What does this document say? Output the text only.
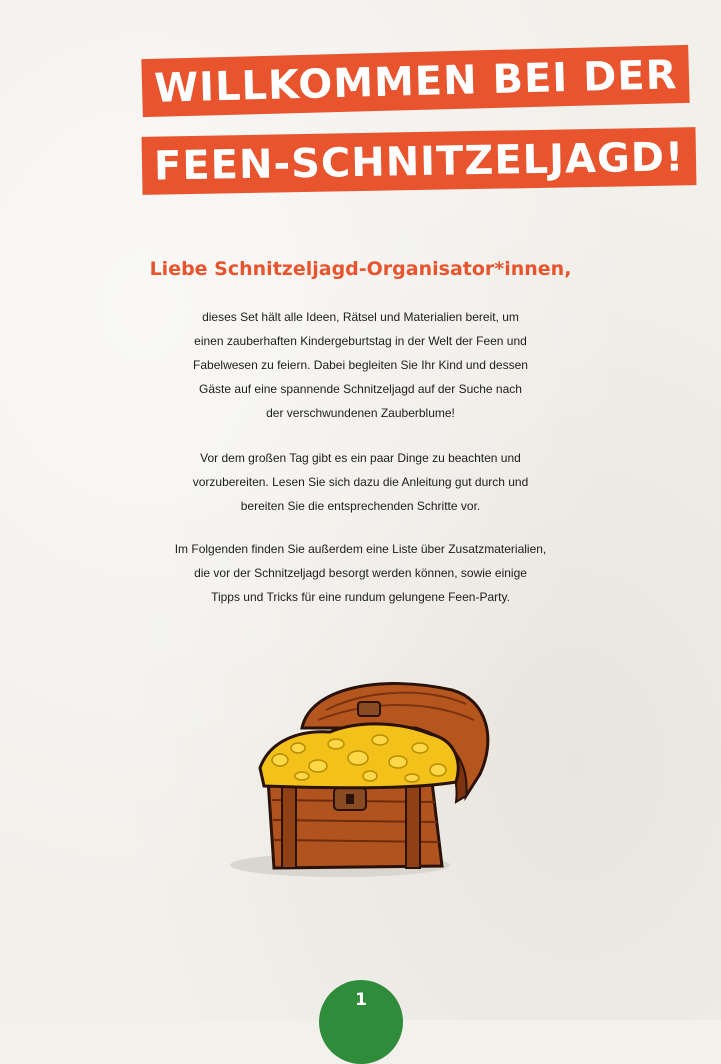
WILLKOMMEN BEI DER
FEEN-SCHNITZELJAGD!
Liebe Schnitzeljagd-Organisator*innen,
dieses Set hält alle Ideen, Rätsel und Materialien bereit, um
einen zauberhaften Kindergeburtstag in der Welt der Feen und
Fabelwesen zu feiern. Dabei begleiten Sie Ihr Kind und dessen
Gäste auf eine spannende Schnitzeljagd auf der Suche nach
der verschwundenen Zauberblume!
Vor dem großen Tag gibt es ein paar Dinge zu beachten und
vorzubereiten. Lesen Sie sich dazu die Anleitung gut durch und
bereiten Sie die entsprechenden Schritte vor.
Im Folgenden finden Sie außerdem eine Liste über Zusatzmaterialien,
die vor der Schnitzeljagd besorgt werden können, sowie einige
Tipps und Tricks für eine rundum gelungene Feen-Party.
1
